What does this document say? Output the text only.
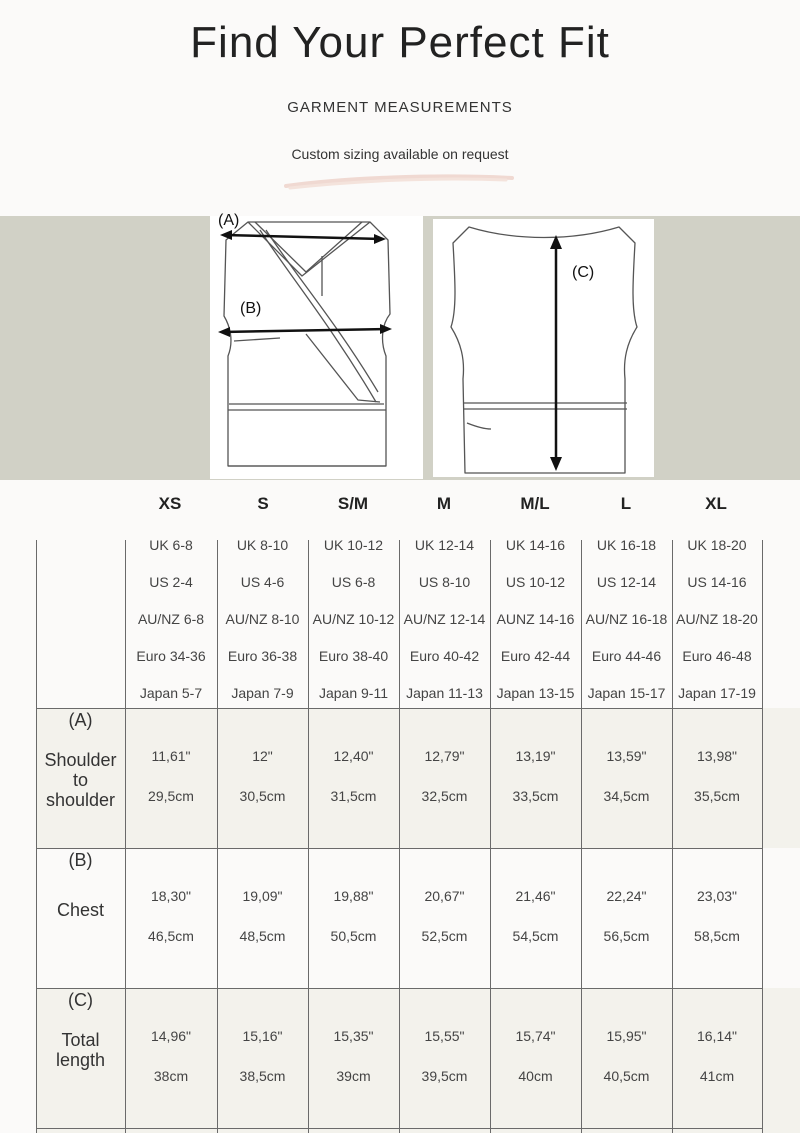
Find Your Perfect Fit
GARMENT MEASUREMENTS
Custom sizing available on request
(A)
(B)
(C)
UK 6-8	UK 8-10	UK 10-12	UK 12-14	UK 14-16	UK 16-18	UK 18-20
US 2-4	US 4-6	US 6-8	US 8-10	US 10-12	US 12-14	US 14-16
AU/NZ 6-8	AU/NZ 8-10 AU/NZ 10-12 AU/NZ 12-14 AUNZ 14-16 AU/NZ 16-18 AU/NZ 18-20
Euro 34-36	Euro 36-38	Euro 38-40	Euro 40-42	Euro 42-44	Euro 44-46	Euro 46-48
Japan 5-7	Japan 7-9	Japan 9-11	Japan 11-13 Japan 13-15 Japan 15-17 Japan 17-19
(A)
Shoulder
to
shoulder
11,61"	12"	12,40"	12,79"	13,19"	13,59"	13,98"
29,5cm	30,5cm	31,5cm	32,5cm	33,5cm	34,5cm	35,5cm
(B)
Chest
18,30"	19,09"	19,88"	20,67"	21,46"	22,24"	23,03"
46,5cm	48,5cm	50,5cm	52,5cm	54,5cm	56,5cm	58,5cm
(C)
Total
length
14,96"	15,16"	15,35"	15,55"	15,74"	15,95"	16,14"
38cm	38,5cm	39cm	39,5cm	40cm	40,5cm	41cm
XS	S	S/M	M	M/L	L	XL
